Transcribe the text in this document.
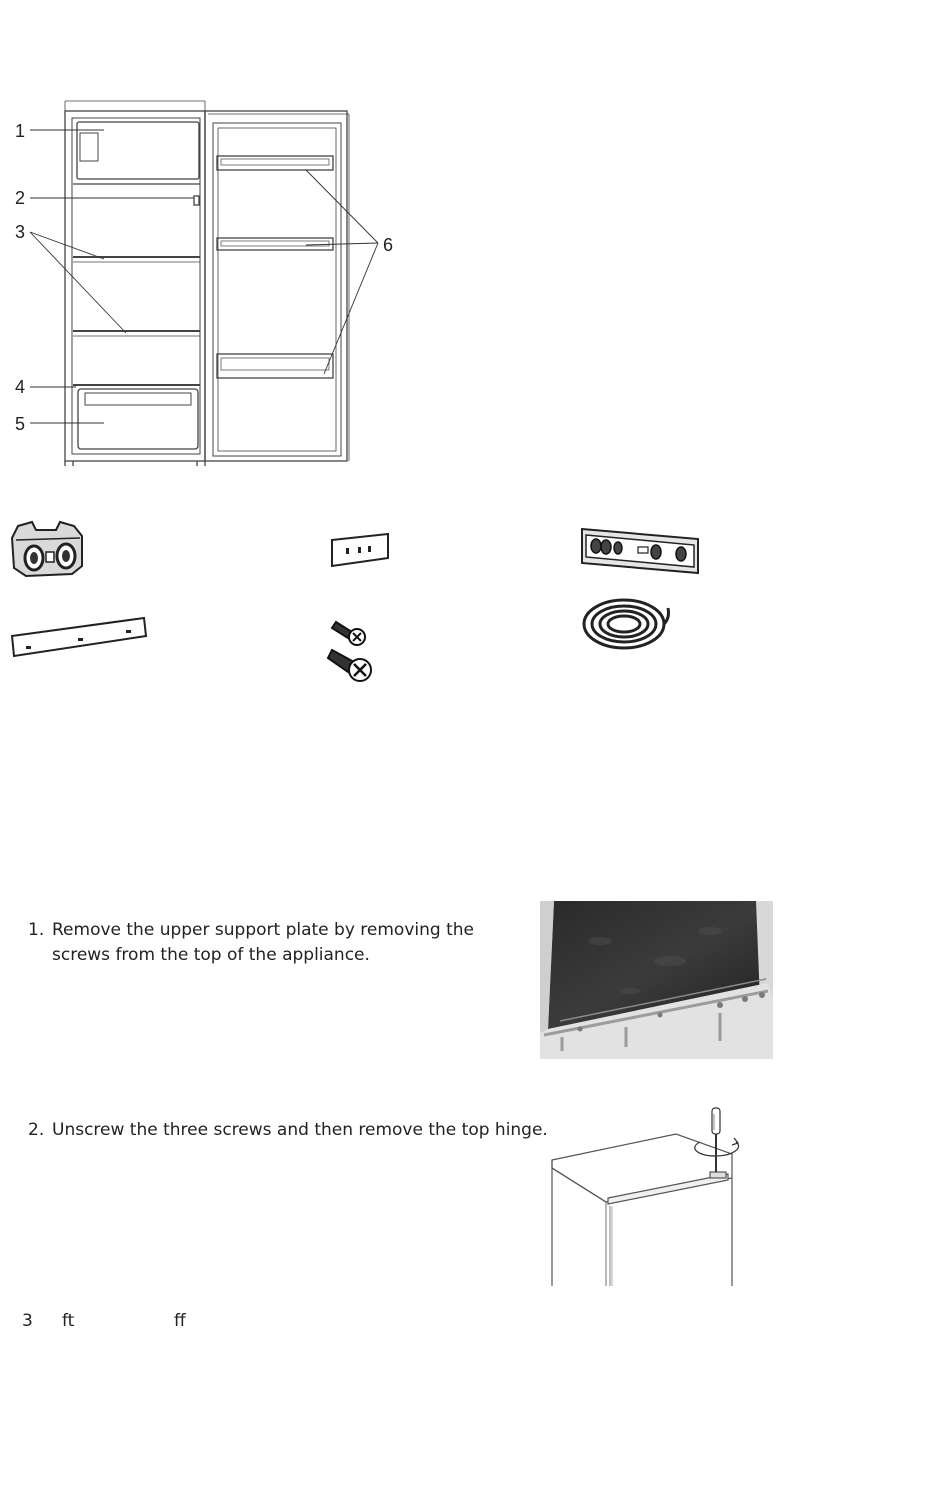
1
2
3
4
5
6
1. Remove the upper support plate by removing the
screws from the top of the appliance.
2. Unscrew the three screws and then remove the top hinge.
3 ft	ff
